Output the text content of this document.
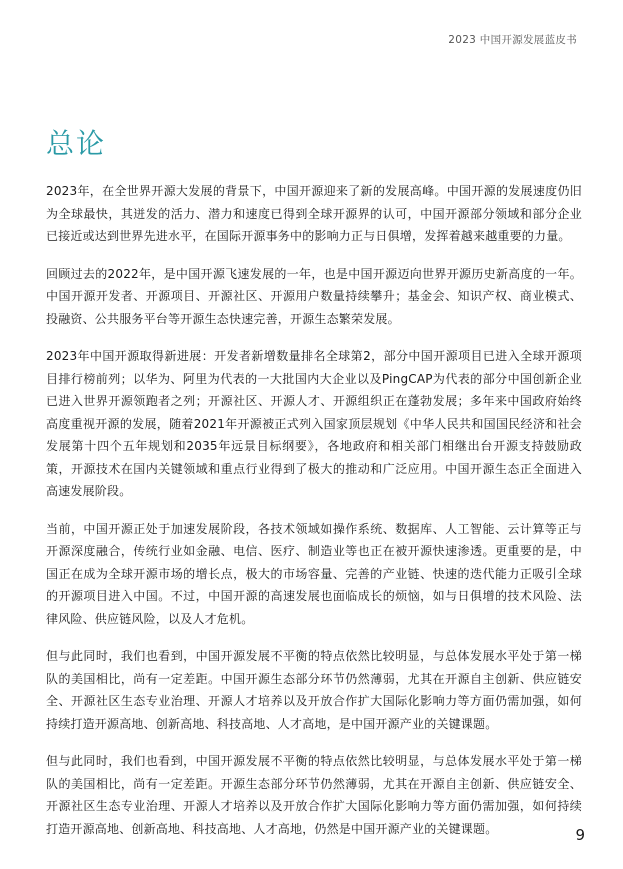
2023 中国开源发展蓝皮书
总论

2023年，在全世界开源大发展的背景下，中国开源迎来了新的发展高峰。中国开源的发展速度仍旧为全球最快，其迸发的活力、潜力和速度已得到全球开源界的认可，中国开源部分领域和部分企业已接近或达到世界先进水平，在国际开源事务中的影响力正与日俱增，发挥着越来越重要的力量。

回顾过去的2022年，是中国开源飞速发展的一年，也是中国开源迈向世界开源历史新高度的一年。中国开源开发者、开源项目、开源社区、开源用户数量持续攀升；基金会、知识产权、商业模式、投融资、公共服务平台等开源生态快速完善，开源生态繁荣发展。

2023年中国开源取得新进展：开发者新增数量排名全球第2，部分中国开源项目已进入全球开源项目排行榜前列；以华为、阿里为代表的一大批国内大企业以及PingCAP为代表的部分中国创新企业已进入世界开源领跑者之列；开源社区、开源人才、开源组织正在蓬勃发展；多年来中国政府始终高度重视开源的发展，随着2021年开源被正式列入国家顶层规划《中华人民共和国国民经济和社会发展第十四个五年规划和2035年远景目标纲要》，各地政府和相关部门相继出台开源支持鼓励政策，开源技术在国内关键领域和重点行业得到了极大的推动和广泛应用。中国开源生态正全面进入高速发展阶段。

当前，中国开源正处于加速发展阶段，各技术领域如操作系统、数据库、人工智能、云计算等正与开源深度融合，传统行业如金融、电信、医疗、制造业等也正在被开源快速渗透。更重要的是，中国正在成为全球开源市场的增长点，极大的市场容量、完善的产业链、快速的迭代能力正吸引全球的开源项目进入中国。不过，中国开源的高速发展也面临成长的烦恼，如与日俱增的技术风险、法律风险、供应链风险，以及人才危机。

但与此同时，我们也看到，中国开源发展不平衡的特点依然比较明显，与总体发展水平处于第一梯队的美国相比，尚有一定差距。中国开源生态部分环节仍然薄弱，尤其在开源自主创新、供应链安全、开源社区生态专业治理、开源人才培养以及开放合作扩大国际化影响力等方面仍需加强，如何持续打造开源高地、创新高地、科技高地、人才高地，是中国开源产业的关键课题。

但与此同时，我们也看到，中国开源发展不平衡的特点依然比较明显，与总体发展水平处于第一梯队的美国相比，尚有一定差距。开源生态部分环节仍然薄弱，尤其在开源自主创新、供应链安全、开源社区生态专业治理、开源人才培养以及开放合作扩大国际化影响力等方面仍需加强，如何持续打造开源高地、创新高地、科技高地、人才高地，仍然是中国开源产业的关键课题。	9
